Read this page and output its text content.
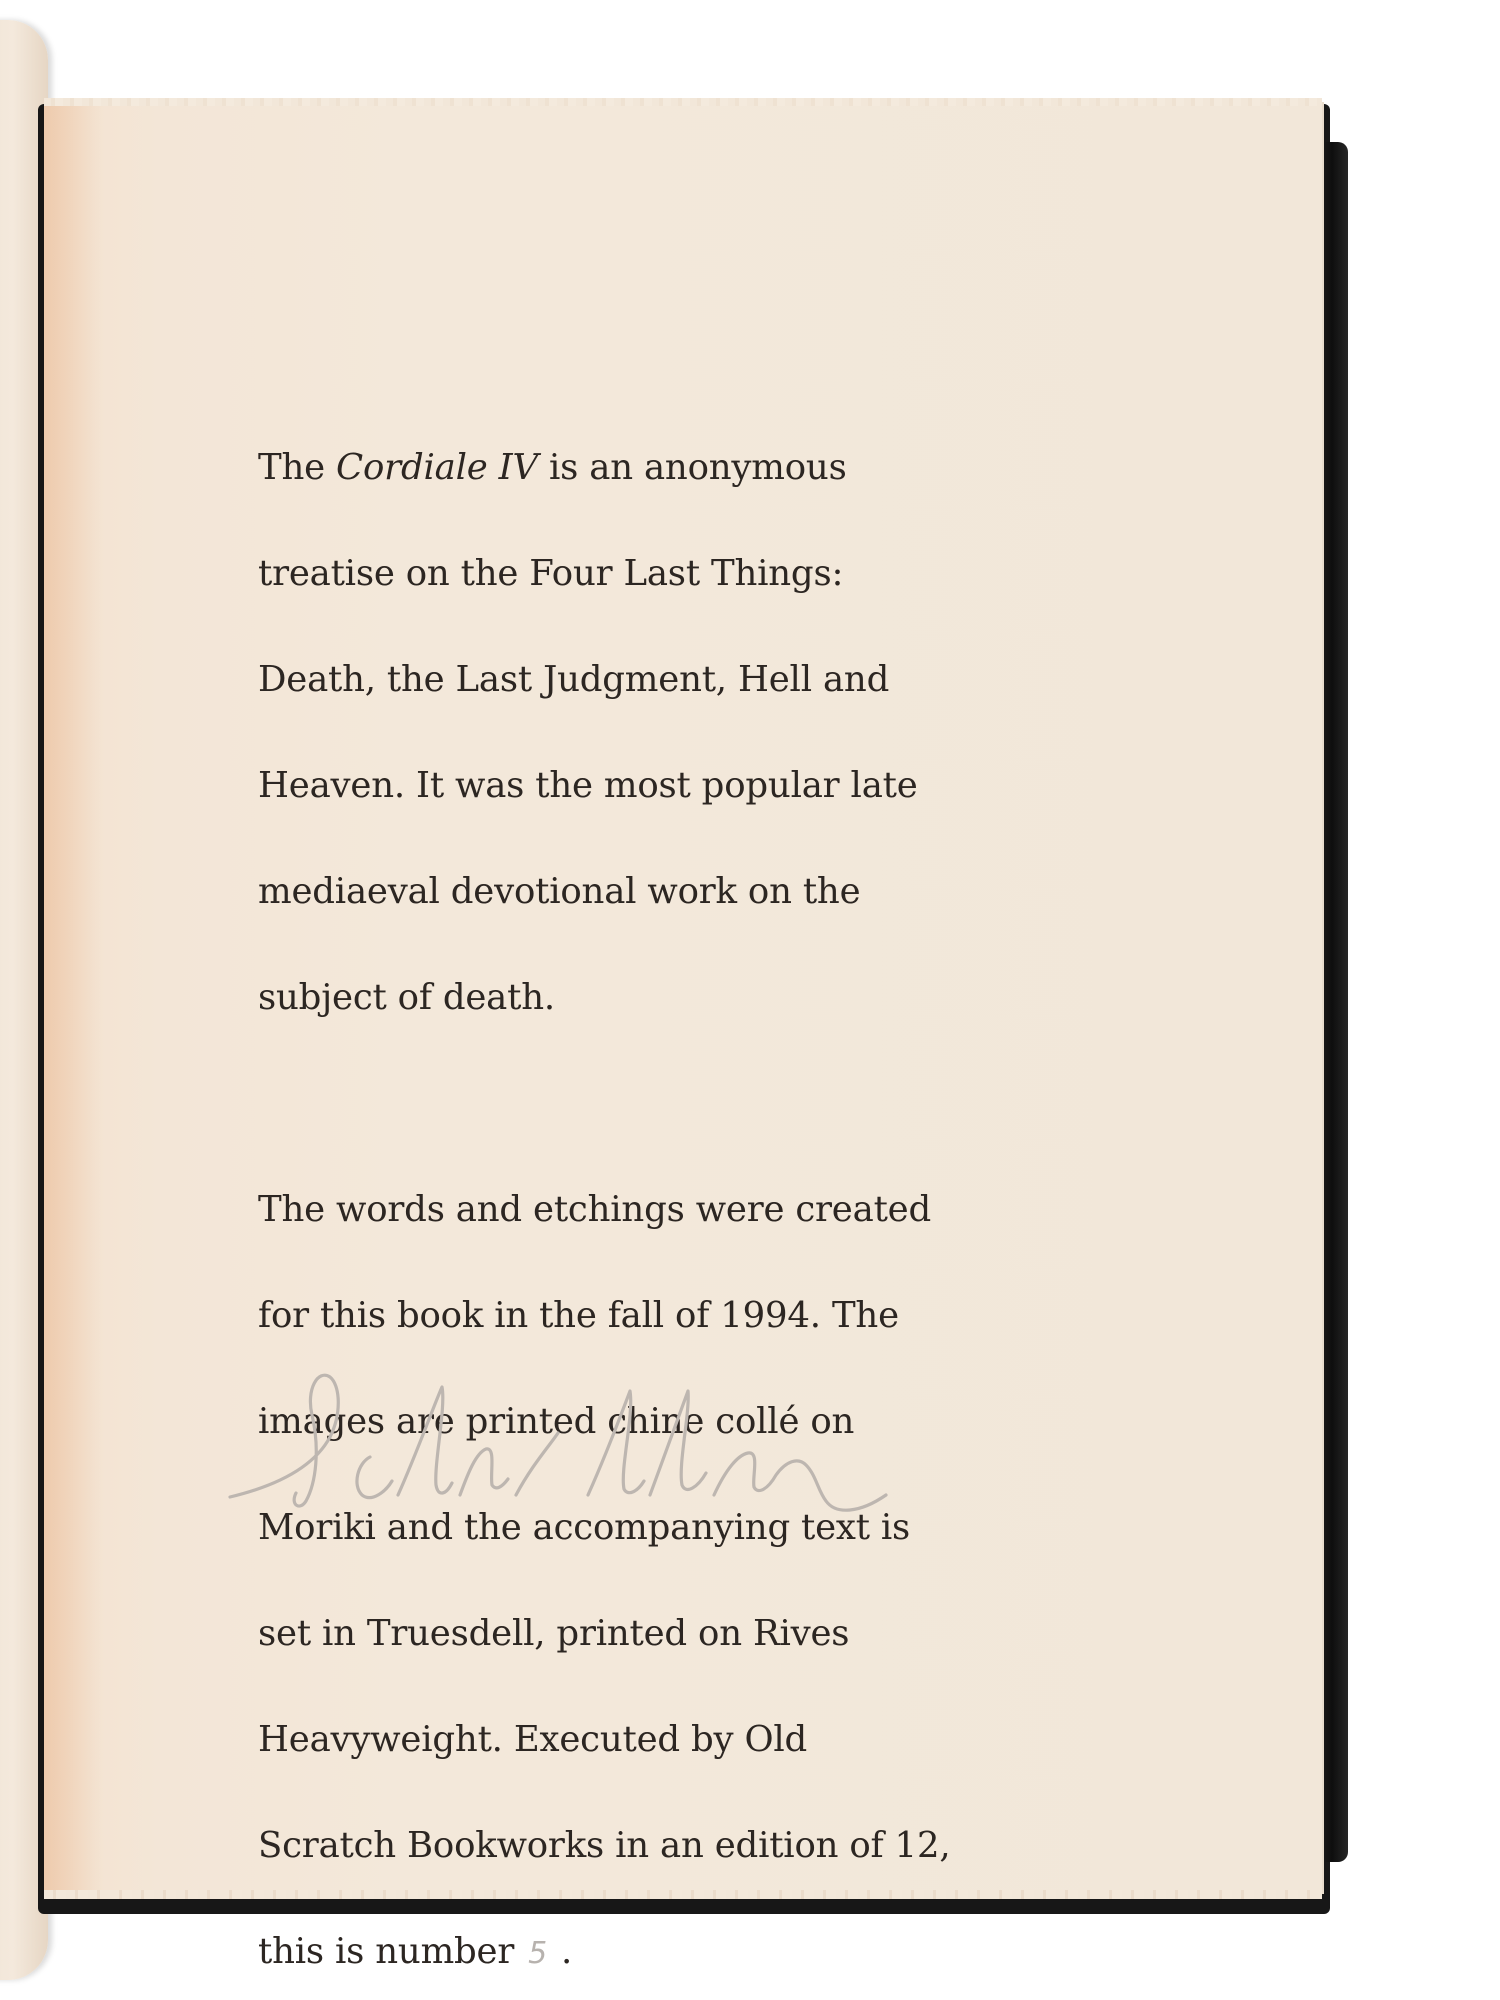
The Cordiale IV is an anonymous

treatise on the Four Last Things:

Death, the Last Judgment, Hell and

Heaven. It was the most popular late

mediaeval devotional work on the

subject of death.

The words and etchings were created

for this book in the fall of 1994. The

images are printed chine collé on

Moriki and the accompanying text is

set in Truesdell, printed on Rives

Heavyweight. Executed by Old

Scratch Bookworks in an edition of 12,

this is number 5 .
